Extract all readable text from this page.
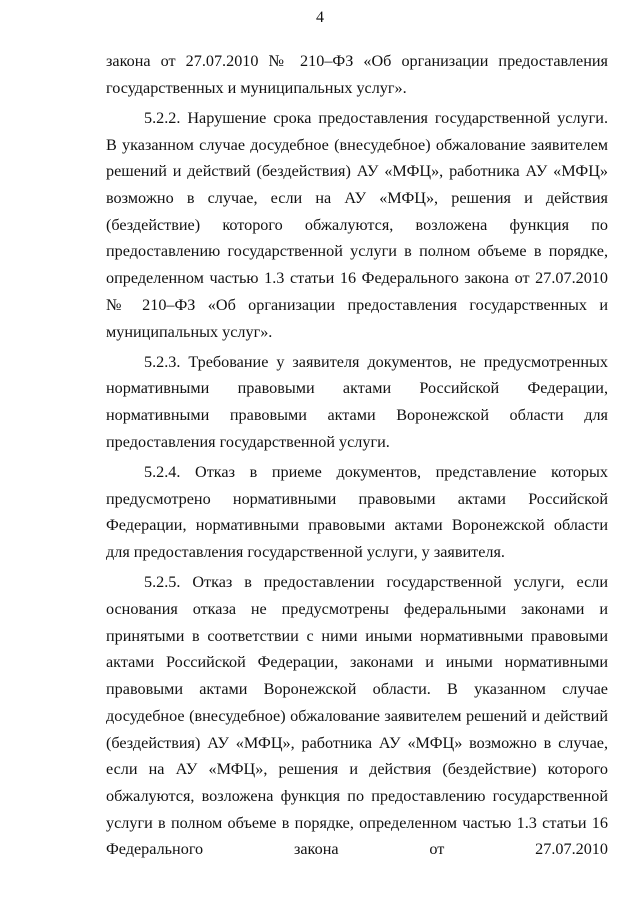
4

закона от 27.07.2010 № 210–ФЗ «Об организации предоставления государственных и муниципальных услуг».

5.2.2. Нарушение срока предоставления государственной услуги. В указанном случае досудебное (внесудебное) обжалование заявителем решений и действий (бездействия) АУ «МФЦ», работника АУ «МФЦ» возможно в случае, если на АУ «МФЦ», решения и действия (бездействие) которого обжалуются, возложена функция по предоставлению государственной услуги в полном объеме в порядке, определенном частью 1.3 статьи 16 Федерального закона от 27.07.2010 № 210–ФЗ «Об организации предоставления государственных и муниципальных услуг».

5.2.3. Требование у заявителя документов, не предусмотренных нормативными правовыми актами Российской Федерации, нормативными правовыми актами Воронежской области для предоставления государственной услуги.

5.2.4. Отказ в приеме документов, представление которых предусмотрено нормативными правовыми актами Российской Федерации, нормативными правовыми актами Воронежской области для предоставления государственной услуги, у заявителя.

5.2.5. Отказ в предоставлении государственной услуги, если основания отказа не предусмотрены федеральными законами и принятыми в соответствии с ними иными нормативными правовыми актами Российской Федерации, законами и иными нормативными правовыми актами Воронежской области. В указанном случае досудебное (внесудебное) обжалование заявителем решений и действий (бездействия) АУ «МФЦ», работника АУ «МФЦ» возможно в случае, если на АУ «МФЦ», решения и действия (бездействие) которого обжалуются, возложена функция по предоставлению государственной услуги в полном объеме в порядке, определенном частью 1.3 статьи 16 Федерального закона от 27.07.2010
